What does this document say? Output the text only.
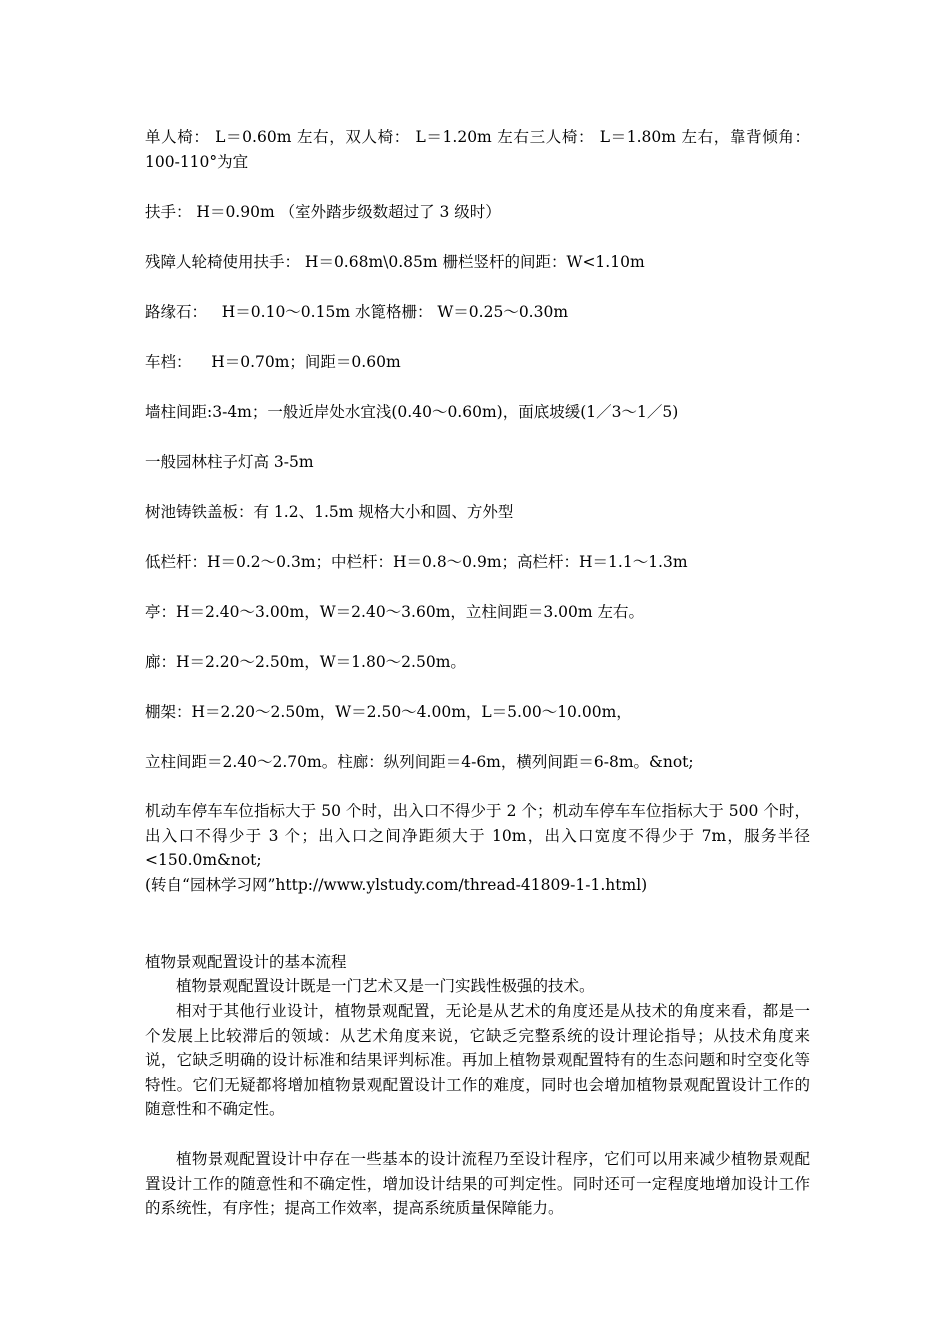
单人椅： L＝0.60m 左右，双人椅： L＝1.20m 左右三人椅： L＝1.80m 左右，靠背倾角：100-110°为宜

扶手： H＝0.90m （室外踏步级数超过了 3 级时）

残障人轮椅使用扶手： H＝0.68m\0.85m 栅栏竖杆的间距：W<1.10m

路缘石：   H＝0.10～0.15m 水篦格栅： W＝0.25～0.30m

车档：    H＝0.70m；间距＝0.60m

墙柱间距:3-4m；一般近岸处水宜浅(0.40～0.60m)，面底坡缓(1／3～1／5)

一般园林柱子灯高 3-5m

树池铸铁盖板：有 1.2、1.5m 规格大小和圆、方外型

低栏杆：H＝0.2～0.3m；中栏杆：H＝0.8～0.9m；高栏杆：H＝1.1～1.3m

亭：H＝2.40～3.00m，W＝2.40～3.60m，立柱间距＝3.00m 左右。

廊：H＝2.20～2.50m，W＝1.80～2.50m。

棚架：H＝2.20～2.50m，W＝2.50～4.00m，L＝5.00～10.00m，

立柱间距＝2.40～2.70m。柱廊：纵列间距＝4-6m，横列间距＝6-8m。&not;

机动车停车车位指标大于 50 个时，出入口不得少于 2 个；机动车停车车位指标大于 500 个时，出入口不得少于 3 个；出入口之间净距须大于 10m，出入口宽度不得少于 7m，服务半径<150.0m&not;

(转自“园林学习网”http://www.ylstudy.com/thread-41809-1-1.html)

植物景观配置设计的基本流程

植物景观配置设计既是一门艺术又是一门实践性极强的技术。

相对于其他行业设计，植物景观配置，无论是从艺术的角度还是从技术的角度来看，都是一个发展上比较滞后的领域：从艺术角度来说，它缺乏完整系统的设计理论指导；从技术角度来说，它缺乏明确的设计标准和结果评判标准。再加上植物景观配置特有的生态问题和时空变化等特性。它们无疑都将增加植物景观配置设计工作的难度，同时也会增加植物景观配置设计工作的随意性和不确定性。

植物景观配置设计中存在一些基本的设计流程乃至设计程序，它们可以用来减少植物景观配置设计工作的随意性和不确定性，增加设计结果的可判定性。同时还可一定程度地增加设计工作的系统性，有序性；提高工作效率，提高系统质量保障能力。
